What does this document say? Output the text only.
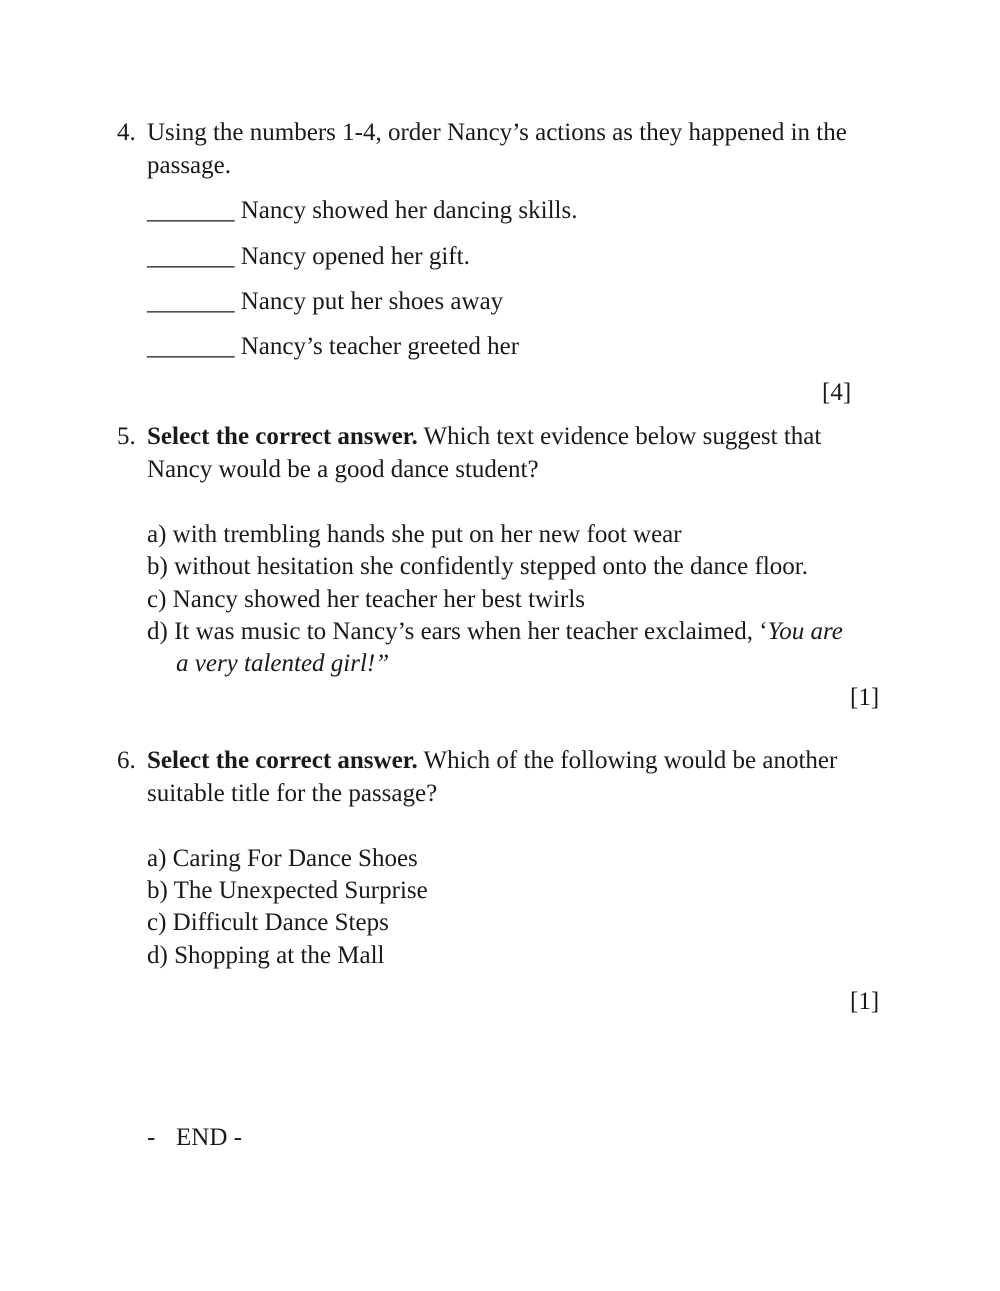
4. Using the numbers 1-4, order Nancy’s actions as they happened in the
passage.
_______ Nancy showed her dancing skills.
_______ Nancy opened her gift.
_______ Nancy put her shoes away
_______ Nancy’s teacher greeted her
[4]
5. Select the correct answer. Which text evidence below suggest that
Nancy would be a good dance student?
a) with trembling hands she put on her new foot wear
b) without hesitation she confidently stepped onto the dance floor.
c) Nancy showed her teacher her best twirls
d) It was music to Nancy’s ears when her teacher exclaimed, ‘You are
a very talented girl!”
[1]
6. Select the correct answer. Which of the following would be another
suitable title for the passage?
a) Caring For Dance Shoes
b) The Unexpected Surprise
c) Difficult Dance Steps
d) Shopping at the Mall
[1]
- END -
